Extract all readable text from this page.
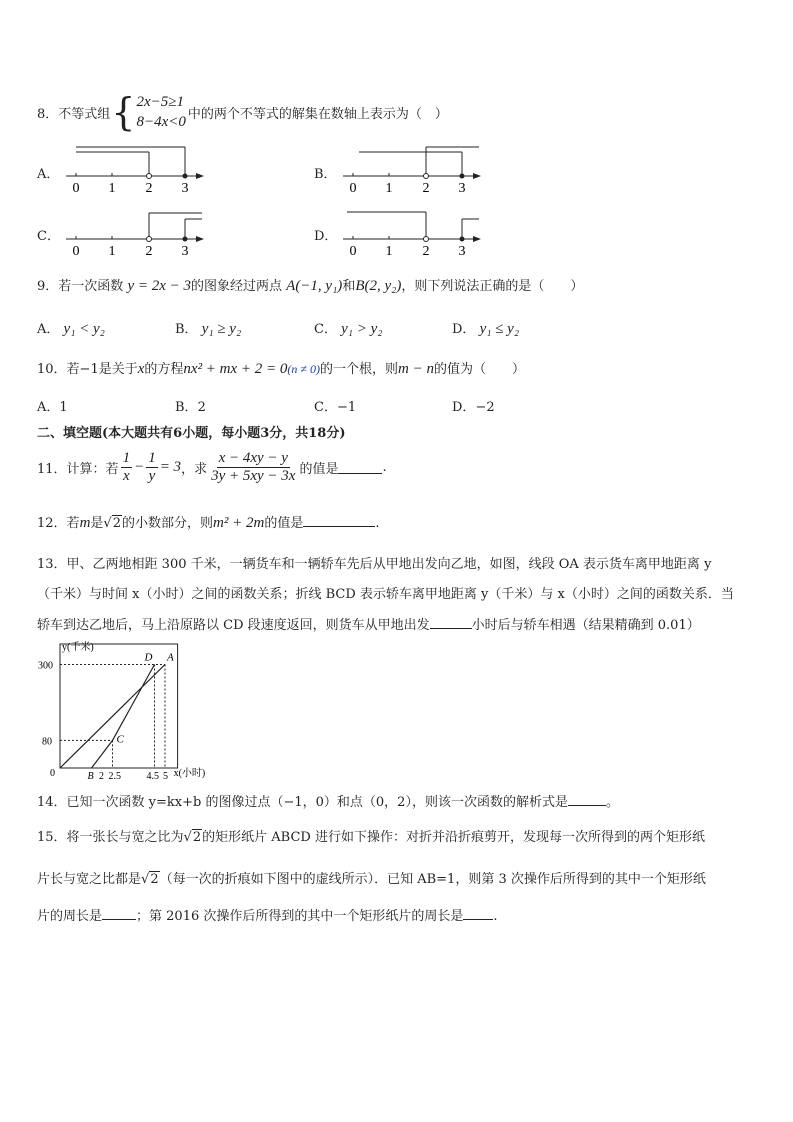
8． 不等式组 { 2x−5≥1
8−4x<0 中的两个不等式的解集在数轴上表示为（　）
A．
0 1 2 3
B．
0 1 2 3
C．
0 1 2 3
D．
0 1 2 3
9．若一次函数 y = 2x − 3的图象经过两点 A(−1, y₁)和B(2, y₂)，则下列说法正确的是（　　）
A． y₁ < y₂	B． y₁ ≥ y₂	C． y₁ > y₂	D． y₁ ≤ y₂
10．若−1是关于x的方程nx² + mx + 2 = 0(n ≠ 0)的一个根，则m − n的值为（　　）
A．1	B．2	C．−1	D．−2
二、填空题(本大题共有6小题，每小题3分，共18分)
11． 计算：若 $\frac{1}{x} - \frac{1}{y} = 3$ ，求 $\frac{x - 4xy - y}{3y + 5xy - 3x}$ 的值是	.
12．若m是√2的小数部分，则m² + 2m的值是	.
13．甲、乙两地相距 300 千米，一辆货车和一辆轿车先后从甲地出发向乙地，如图，线段 OA 表示货车离甲地距离 y
（千米）与时间 x（小时）之间的函数关系；折线 BCD 表示轿车离甲地距离 y（千米）与 x（小时）之间的函数关系．当
轿车到达乙地后，马上沿原路以 CD 段速度返回，则货车从甲地出发	小时后与轿车相遇（结果精确到 0.01）
y(千米)
x(小时)
0
300
80
B 2 2.5	4.5 5
D A
C
14．已知一次函数 y=kx+b 的图像过点（−1，0）和点（0，2），则该一次函数的解析式是	。
15．将一张长与宽之比为√2的矩形纸片 ABCD 进行如下操作：对折并沿折痕剪开，发现每一次所得到的两个矩形纸
片长与宽之比都是√2（每一次的折痕如下图中的虚线所示）．已知 AB=1，则第 3 次操作后所得到的其中一个矩形纸
片的周长是	；第 2016 次操作后所得到的其中一个矩形纸片的周长是 .
